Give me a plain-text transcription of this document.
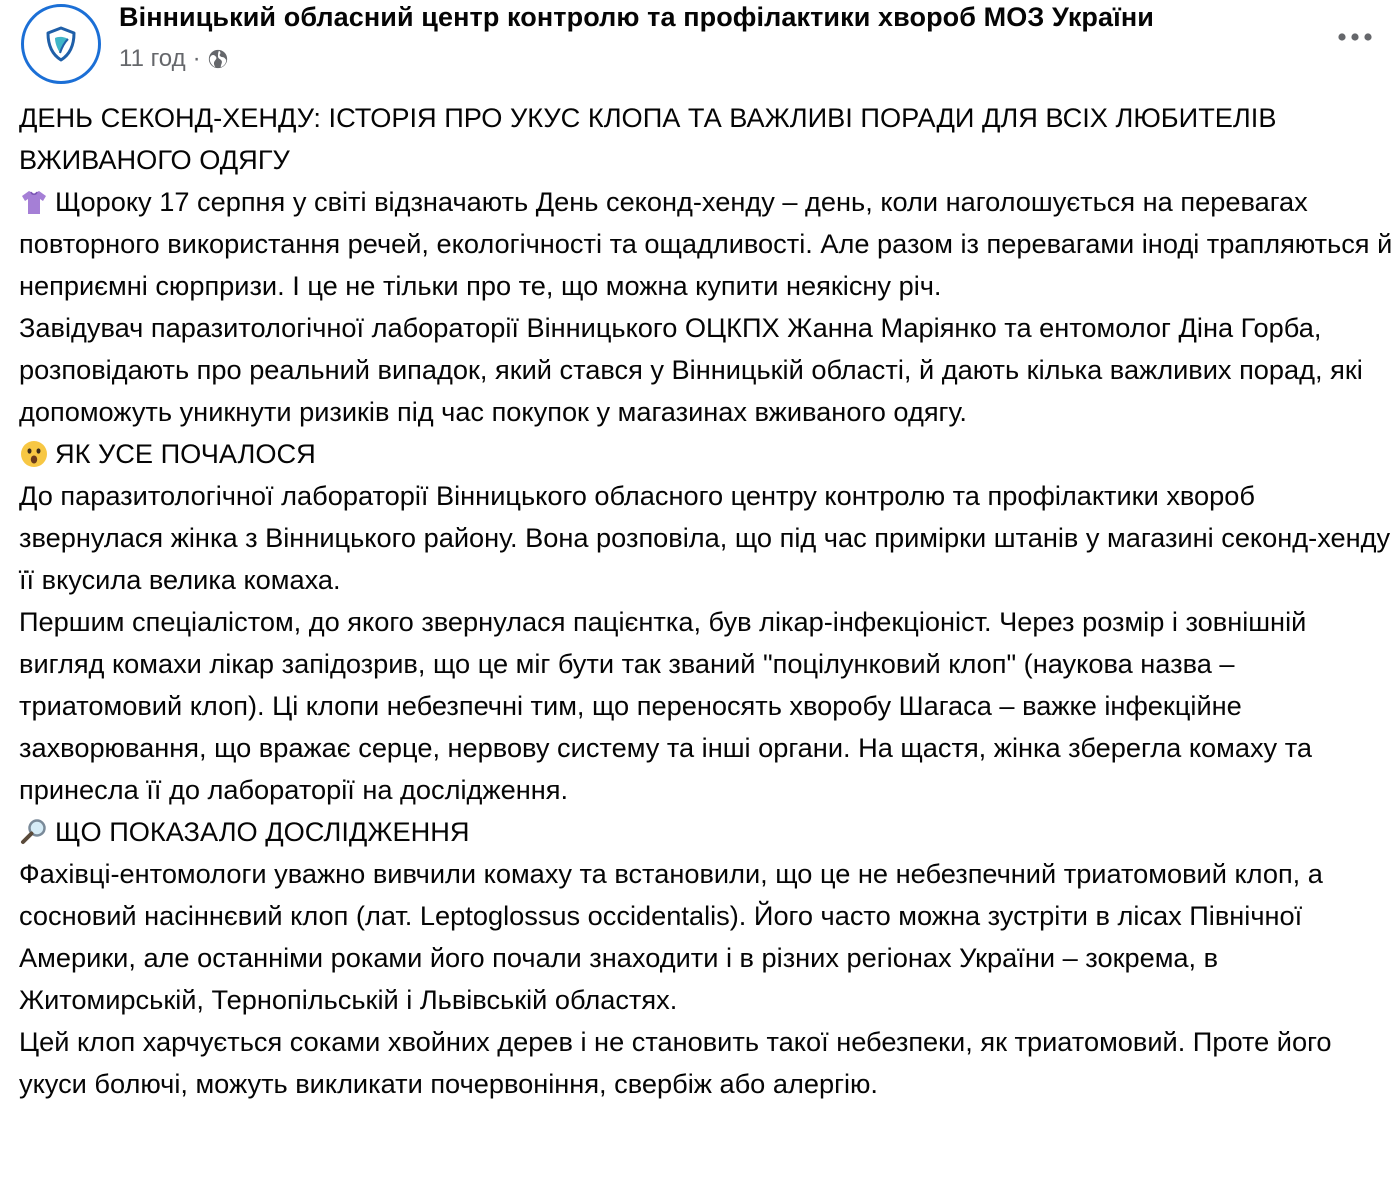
Вінницький обласний центр контролю та профілактики хвороб МОЗ України
11 год ·

ДЕНЬ СЕКОНД-ХЕНДУ: ІСТОРІЯ ПРО УКУС КЛОПА ТА ВАЖЛИВІ ПОРАДИ ДЛЯ ВСІХ ЛЮБИТЕЛІВ ВЖИВАНОГО ОДЯГУ

Щороку 17 серпня у світі відзначають День секонд-хенду – день, коли наголошується на перевагах повторного використання речей, екологічності та ощадливості. Але разом із перевагами іноді трапляються й неприємні сюрпризи. І це не тільки про те, що можна купити неякісну річ.

Завідувач паразитологічної лабораторії Вінницького ОЦКПХ Жанна Маріянко та ентомолог Діна Горба, розповідають про реальний випадок, який стався у Вінницькій області, й дають кілька важливих порад, які допоможуть уникнути ризиків під час покупок у магазинах вживаного одягу.

ЯК УСЕ ПОЧАЛОСЯ

До паразитологічної лабораторії Вінницького обласного центру контролю та профілактики хвороб звернулася жінка з Вінницького району. Вона розповіла, що під час примірки штанів у магазині секонд-хенду її вкусила велика комаха.

Першим спеціалістом, до якого звернулася пацієнтка, був лікар-інфекціоніст. Через розмір і зовнішній вигляд комахи лікар запідозрив, що це міг бути так званий "поцілунковий клоп" (наукова назва – триатомовий клоп). Ці клопи небезпечні тим, що переносять хворобу Шагаса – важке інфекційне захворювання, що вражає серце, нервову систему та інші органи. На щастя, жінка зберегла комаху та принесла її до лабораторії на дослідження.

ЩО ПОКАЗАЛО ДОСЛІДЖЕННЯ

Фахівці-ентомологи уважно вивчили комаху та встановили, що це не небезпечний триатомовий клоп, а сосновий насіннєвий клоп (лат. Leptoglossus occidentalis). Його часто можна зустріти в лісах Північної Америки, але останніми роками його почали знаходити і в різних регіонах України – зокрема, в Житомирській, Тернопільській і Львівській областях.

Цей клоп харчується соками хвойних дерев і не становить такої небезпеки, як триатомовий. Проте його укуси болючі, можуть викликати почервоніння, свербіж або алергію.
